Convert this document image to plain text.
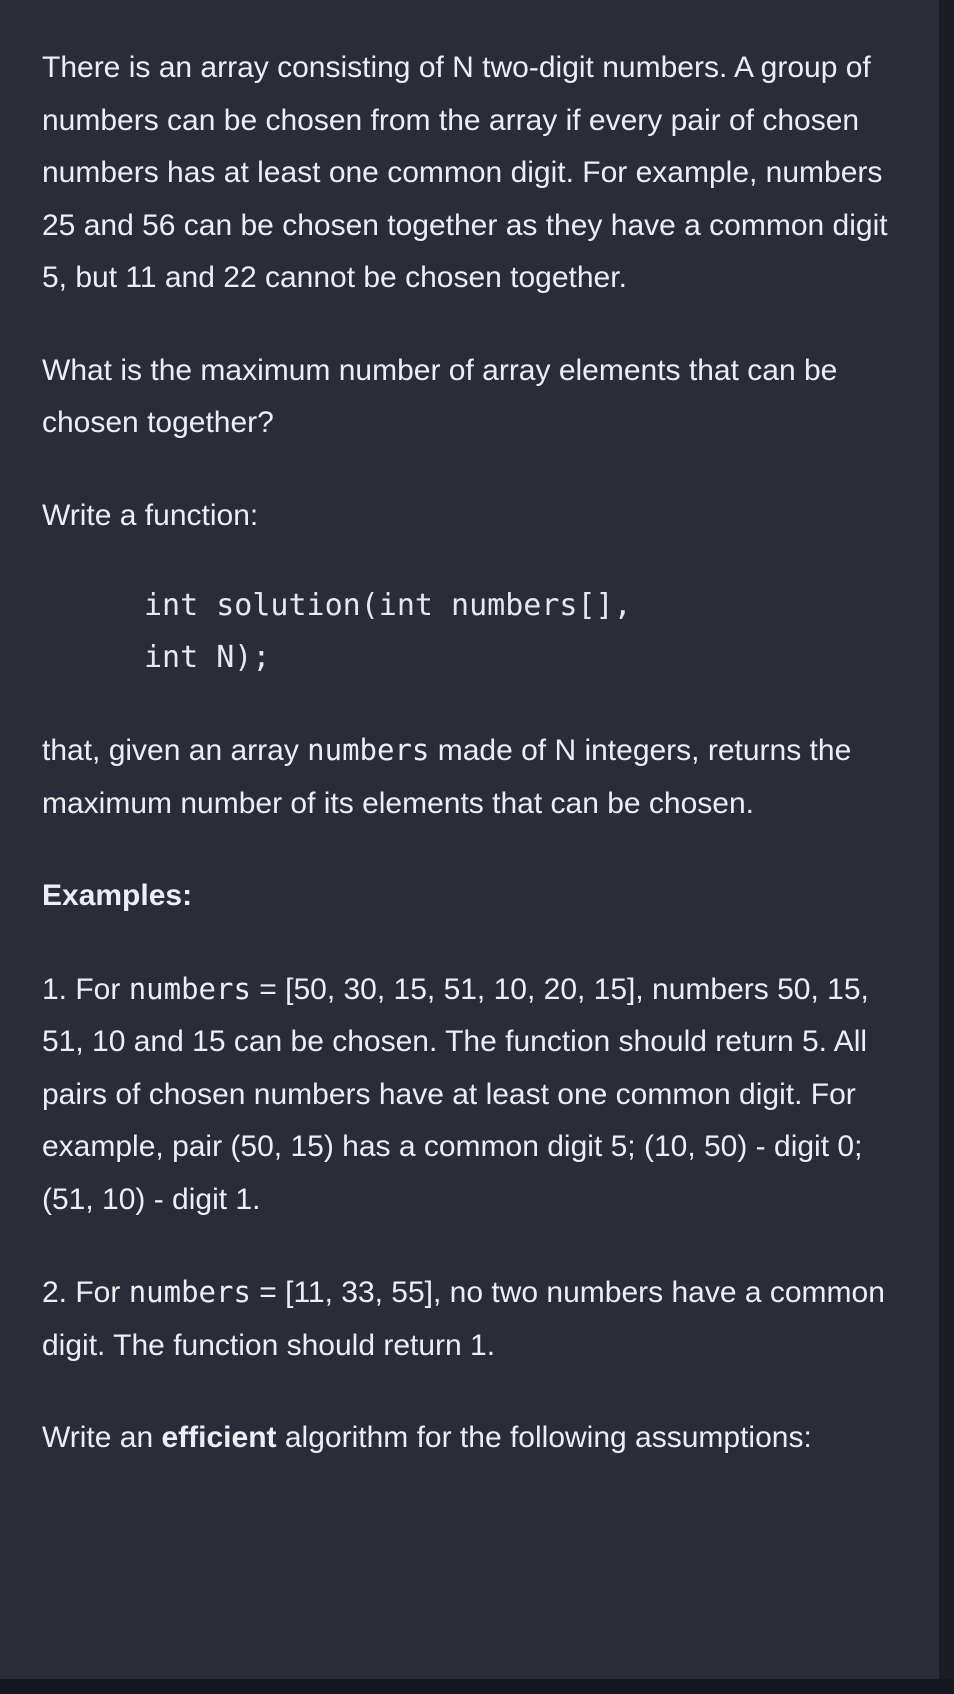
There is an array consisting of N two-digit numbers. A group of numbers can be chosen from the array if every pair of chosen numbers has at least one common digit. For example, numbers 25 and 56 can be chosen together as they have a common digit 5, but 11 and 22 cannot be chosen together.

What is the maximum number of array elements that can be chosen together?

Write a function:

int solution(int numbers[],
int N);

that, given an array numbers made of N integers, returns the maximum number of its elements that can be chosen.

Examples:

1. For numbers = [50, 30, 15, 51, 10, 20, 15], numbers 50, 15, 51, 10 and 15 can be chosen. The function should return 5. All pairs of chosen numbers have at least one common digit. For example, pair (50, 15) has a common digit 5; (10, 50) - digit 0; (51, 10) - digit 1.

2. For numbers = [11, 33, 55], no two numbers have a common digit. The function should return 1.

Write an efficient algorithm for the following assumptions:
